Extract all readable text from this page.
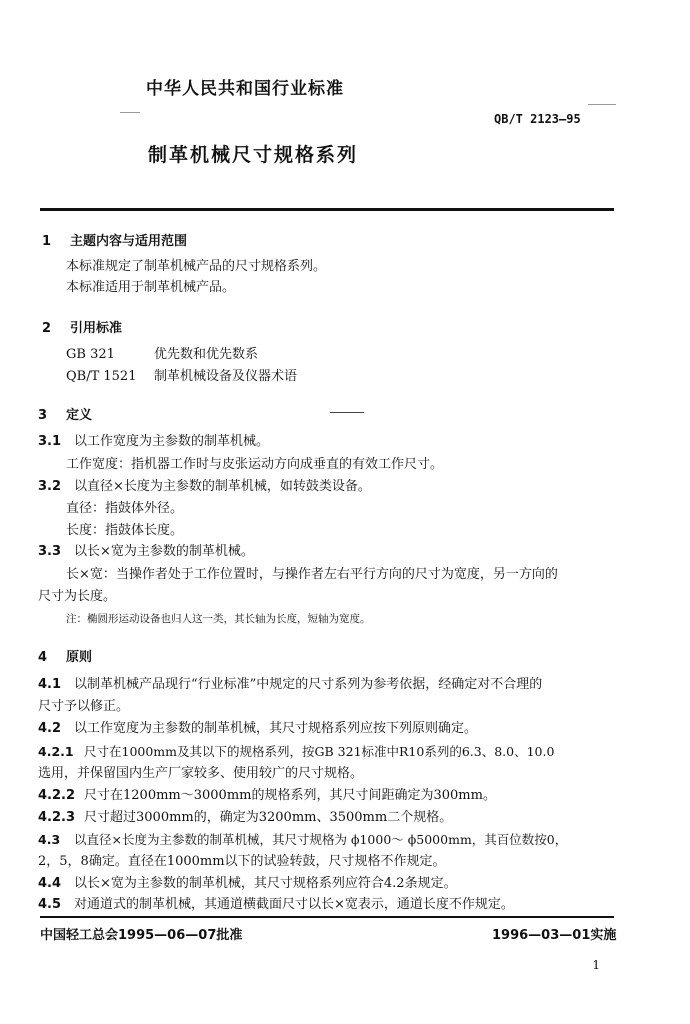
中华人民共和国行业标准
QB/T 2123—95
制革机械尺寸规格系列
1 主题内容与适用范围
本标准规定了制革机械产品的尺寸规格系列。
本标准适用于制革机械产品。
2 引用标准
GB 321	优先数和优先数系
QB/T 1521 制革机械设备及仪器术语
3 定义
3.1 以工作宽度为主参数的制革机械。
工作宽度：指机器工作时与皮张运动方向成垂直的有效工作尺寸。
3.2 以直径×长度为主参数的制革机械，如转鼓类设备。
直径：指鼓体外径。
长度：指鼓体长度。
3.3 以长×宽为主参数的制革机械。
长×宽：当操作者处于工作位置时，与操作者左右平行方向的尺寸为宽度，另一方向的
尺寸为长度。
注：椭圆形运动设备也归人这一类，其长轴为长度，短轴为宽度。
4 原则
4.1 以制革机械产品现行“行业标准”中规定的尺寸系列为参考依据，经确定对不合理的
尺寸予以修正。
4.2 以工作宽度为主参数的制革机械，其尺寸规格系列应按下列原则确定。
4.2.1 尺寸在1000mm及其以下的规格系列，按GB 321标准中R10系列的6.3、8.0、10.0
选用，并保留国内生产厂家较多、使用较广的尺寸规格。
4.2.2 尺寸在1200mm～3000mm的规格系列，其尺寸间距确定为300mm。
4.2.3 尺寸超过3000mm的，确定为3200mm、3500mm二个规格。
4.3 以直径×长度为主参数的制革机械，其尺寸规格为 ϕ1000～ ϕ5000mm，其百位数按0，
2，5，8确定。直径在1000mm以下的试验转鼓，尺寸规格不作规定。
4.4 以长×宽为主参数的制革机械，其尺寸规格系列应符合4.2条规定。
4.5 对通道式的制革机械，其通道横截面尺寸以长×宽表示，通道长度不作规定。
中国轻工总会1995—06—07批准	1996—03—01实施
1
